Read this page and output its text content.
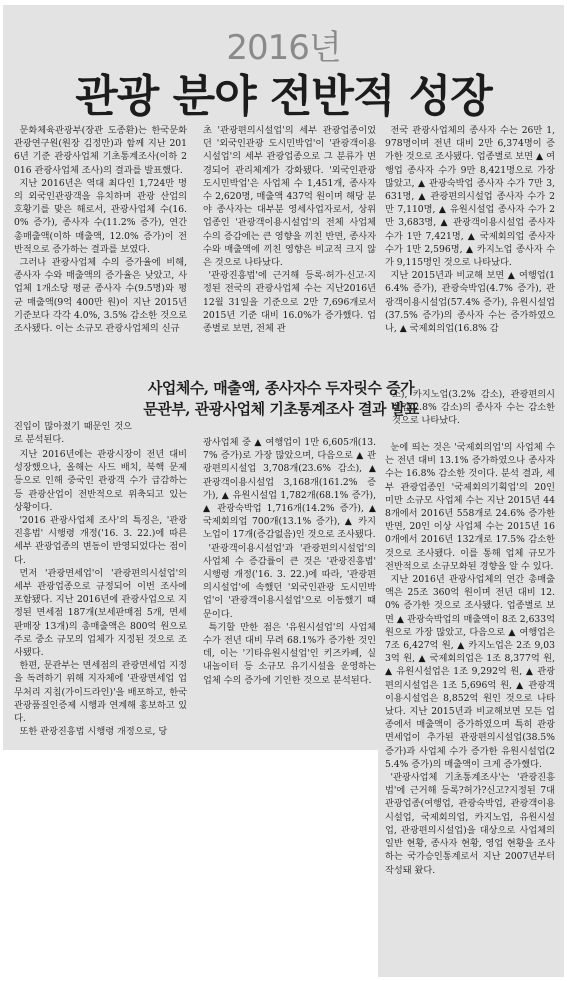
2016년
관광 분야 전반적 성장

문화체육관광부(장관 도종환)는 한국문화관광연구원(원장 김정만)과 함께 지난 2016년 기준 관광사업체 기초통계조사(이하 2016 관광사업체 조사)의 결과를 발표했다.

지난 2016년은 역대 최다인 1,724만 명의 외국인관광객을 유치하며 관광 산업의 호황기를 맞은 해로서, 관광사업체 수(16.0% 증가), 종사자 수(11.2% 증가), 연간 총매출액(이하 매출액, 12.0% 증가)이 전반적으로 증가하는 결과를 보였다.

그러나 관광사업체 수의 증가율에 비해, 종사자 수와 매출액의 증가율은 낮았고, 사업체 1개소당 평균 종사자 수(9.5명)와 평균 매출액(9억 400만 원)이 지난 2015년 기준보다 각각 4.0%, 3.5% 감소한 것으로 조사됐다. 이는 소규모 관광사업체의 신규

진입이 많아졌기 때문인 것으로 분석된다.

지난 2016년에는 관광시장이 전년 대비 성장했으나, 올해는 사드 배치, 북핵 문제 등으로 인해 중국인 관광객 수가 급감하는 등 관광산업이 전반적으로 위축되고 있는 상황이다.

'2016 관광사업체 조사'의 특징은, '관광진흥법' 시행령 개정('16. 3. 22.)에 따른 세부 관광업종의 변동이 반영되었다는 점이다.

먼저 '관광면세업'이 '관광편의시설업'의 세부 관광업종으로 규정되어 이번 조사에 포함됐다. 지난 2016년에 관광사업으로 지정된 면세점 187개(보세판매점 5개, 면세판매장 13개)의 총매출액은 800억 원으로 주로 중소 규모의 업체가 지정된 것으로 조사됐다.

한편, 문관부는 면세점의 관광면세업 지정을 독려하기 위해 지자체에 '관광면세업 업무처리 지침(가이드라인)'을 배포하고, 한국관광품질인증제 시행과 연계해 홍보하고 있다.

또한 관광진흥법 시행령 개정으로, 당

초 '관광편의시설업'의 세부 관광업종이었던 '외국인관광 도시민박업'이 '관광객이용시설업'의 세부 관광업종으로 그 분류가 변경되어 관리체계가 강화됐다. '외국인관광 도시민박업'은 사업체 수 1,451개, 종사자 수 2,620명, 매출액 437억 원이며 해당 분야 종사자는 대부분 영세사업자로서, 상위 업종인 '관광객이용시설업'의 전체 사업체 수의 증감에는 큰 영향을 끼친 반면, 종사자 수와 매출액에 끼친 영향은 비교적 크지 않은 것으로 나타났다.

'관광진흥법'에 근거해 등록·허가·신고·지정된 전국의 관광사업체 수는 지난2016년 12월 31일을 기준으로 2만 7,696개로서 2015년 기준 대비 16.0%가 증가했다. 업종별로 보면, 전체 관

광사업체 중 ▲ 여행업이 1만 6,605개(13.7% 증가)로 가장 많았으며, 다음으로 ▲ 관광편의시설업 3,708개(23.6% 감소), ▲ 관광객이용시설업 3,168개(161.2% 증가), ▲ 유원시설업 1,782개(68.1% 증가), ▲ 관광숙박업 1,716개(14.2% 증가), ▲ 국제회의업 700개(13.1% 증가), ▲ 카지노업이 17개(증감없음)인 것으로 조사됐다.

'관광객이용시설업'과 '관광편의시설업'의 사업체 수 증감률이 큰 것은 '관광진흥법' 시행령 개정('16. 3. 22.)에 따라, '관광편의시설업'에 속했던 '외국인관광 도시민박업'이 '관광객이용시설업'으로 이동했기 때문이다.

특기할 만한 점은 '유원시설업'의 사업체 수가 전년 대비 무려 68.1%가 증가한 것인데, 이는 '기타유원시설업'인 키즈카페, 실내놀이터 등 소규모 유기시설을 운영하는 업체 수의 증가에 기인한 것으로 분석된다.

사업체수, 매출액, 종사자수 두자릿수 증가
문관부, 관광사업체 기초통계조사 결과 발표

전국 관광사업체의 종사자 수는 26만 1,978명이며 전년 대비 2만 6,374명이 증가한 것으로 조사됐다. 업종별로 보면 ▲ 여행업 종사자 수가 9만 8,421명으로 가장 많았고, ▲ 관광숙박업 종사자 수가 7만 3,631명, ▲ 관광편의시설업 종사자 수가 2만 7,110명, ▲ 유원시설업 종사자 수가 2만 3,683명, ▲ 관광객이용시설업 종사자 수가 1만 7,421명, ▲ 국제회의업 종사자 수가 1만 2,596명, ▲ 카지노업 종사자 수가 9,115명인 것으로 나타났다.

지난 2015년과 비교해 보면 ▲ 여행업(16.4% 증가), 관광숙박업(4.7% 증가), 관광객이용시설업(57.4% 증가), 유원시설업(37.5% 증가)의 종사자 수는 증가하였으나, ▲ 국제회의업(16.8% 감

소), 카지노업(3.2% 감소), 관광편의시설업(2.8% 감소)의 종사자 수는 감소한 것으로 나타났다.

눈에 띄는 것은 '국제회의업'의 사업체 수는 전년 대비 13.1% 증가하였으나 종사자 수는 16.8% 감소한 것이다. 분석 결과, 세부 관광업종인 '국제회의기획업'의 20인 미만 소규모 사업체 수는 지난 2015년 448개에서 2016년 558개로 24.6% 증가한 반면, 20인 이상 사업체 수는 2015년 160개에서 2016년 132개로 17.5% 감소한 것으로 조사됐다. 이를 통해 업체 규모가 전반적으로 소규모화된 경향을 알 수 있다.

지난 2016년 관광사업체의 연간 총매출액은 25조 360억 원이며 전년 대비 12.0% 증가한 것으로 조사됐다. 업종별로 보면 ▲ 관광숙박업의 매출액이 8조 2,633억 원으로 가장 많았고, 다음으로 ▲ 여행업은 7조 6,427억 원, ▲ 카지노업은 2조 9,033억 원, ▲ 국제회의업은 1조 8,377억 원, ▲ 유원시설업은 1조 9,292억 원, ▲ 관광편의시설업은 1조 5,696억 원, ▲ 관광객이용시설업은 8,852억 원인 것으로 나타났다. 지난 2015년과 비교해보면 모든 업종에서 매출액이 증가하였으며 특히 관광면세업이 추가된 관광편의시설업(38.5% 증가)과 사업체 수가 증가한 유원시설업(25.4% 증가)의 매출액이 크게 증가했다.

'관광사업체 기초통계조사'는 '관광진흥법'에 근거해 등록?허가?신고?지정된 7대 관광업종(여행업, 관광숙박업, 관광객이용시설업, 국제회의업, 카지노업, 유원시설업, 관광편의시설업)을 대상으로 사업체의 일반 현황, 종사자 현황, 영업 현황을 조사하는 국가승인통계로서 지난 2007년부터 작성돼 왔다.
